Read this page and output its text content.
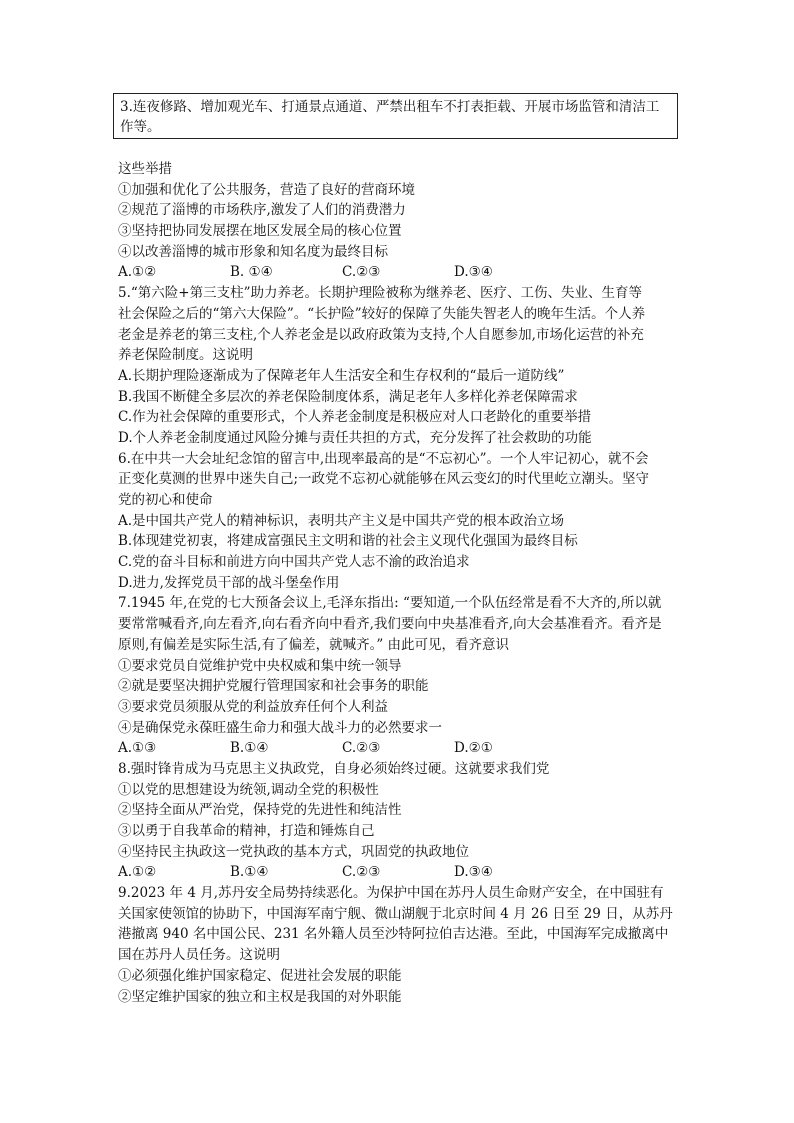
3.连夜修路、增加观光车、打通景点通道、严禁出租车不打表拒载、开展市场监管和清洁工作等。
这些举措
①加强和优化了公共服务，营造了良好的营商环境
②规范了淄博的市场秩序,激发了人们的消费潜力
③坚持把协同发展摆在地区发展全局的核心位置
④以改善淄博的城市形象和知名度为最终目标
A.①②	B. ①④	C.②③	D.③④
5.“第六险+第三支柱”助力养老。长期护理险被称为继养老、医疗、工伤、失业、生育等
社会保险之后的“第六大保险”。“长护险”较好的保障了失能失智老人的晚年生活。个人养
老金是养老的第三支柱,个人养老金是以政府政策为支持,个人自愿参加,市场化运营的补充
养老保险制度。这说明
A.长期护理险逐渐成为了保障老年人生活安全和生存权利的“最后一道防线”
B.我国不断健全多层次的养老保险制度体系，满足老年人多样化养老保障需求
C.作为社会保障的重要形式，个人养老金制度是积极应对人口老龄化的重要举措
D.个人养老金制度通过风险分摊与责任共担的方式，充分发挥了社会救助的功能
6.在中共一大会址纪念馆的留言中,出现率最高的是“不忘初心”。一个人牢记初心，就不会
正变化莫测的世界中迷失自己;一政党不忘初心就能够在风云变幻的时代里屹立潮头。坚守
党的初心和使命
A.是中国共产党人的精神标识，表明共产主义是中国共产党的根本政治立场
B.体现建党初衷，将建成富强民主文明和谐的社会主义现代化强国为最终目标
C.党的奋斗目标和前进方向中国共产党人志不渝的政治追求
D.进力,发挥党员干部的战斗堡垒作用
7.1945 年,在党的七大预备会议上,毛泽东指出: “要知道,一个队伍经常是看不大齐的,所以就
要常常喊看齐,向左看齐,向右看齐向中看齐,我们要向中央基准看齐,向大会基准看齐。看齐是
原则,有偏差是实际生活,有了偏差，就喊齐。” 由此可见，看齐意识
①要求党员自觉维护党中央权威和集中统一领导
②就是要坚决拥护党履行管理国家和社会事务的职能
③要求党员须服从党的利益放弃任何个人利益
④是确保党永葆旺盛生命力和强大战斗力的必然要求一
A.①③	B.①④	C.②③	D.②①
8.强时锋肯成为马克思主义执政党，自身必须始终过硬。这就要求我们党
①以党的思想建设为统领,调动全党的积极性
②坚持全面从严治党，保持党的先进性和纯洁性
③以勇于自我革命的精神，打造和锤炼自己
④坚持民主执政这一党执政的基本方式，巩固党的执政地位
A.①②	B.①④	C.②③	D.③④
9.2023 年 4 月,苏丹安全局势持续恶化。为保护中国在苏丹人员生命财产安全，在中国驻有
关国家使领馆的协助下，中国海军南宁舰、微山湖舰于北京时间 4 月 26 日至 29 日，从苏丹
港撤离 940 名中国公民、231 名外籍人员至沙特阿拉伯吉达港。至此，中国海军完成撤离中
国在苏丹人员任务。这说明
①必须强化维护国家稳定、促进社会发展的职能
②坚定维护国家的独立和主权是我国的对外职能
